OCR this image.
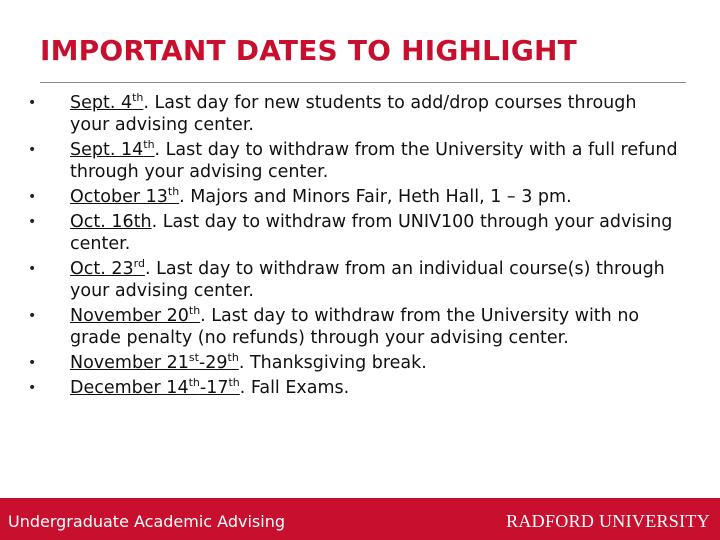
IMPORTANT DATES TO HIGHLIGHT
• Sept. 4th. Last day for new students to add/drop courses through your advising center.
• Sept. 14th. Last day to withdraw from the University with a full refund through your advising center.
• October 13th. Majors and Minors Fair, Heth Hall, 1 – 3 pm.
• Oct. 16th. Last day to withdraw from UNIV100 through your advising center.
• Oct. 23rd. Last day to withdraw from an individual course(s) through your advising center.
• November 20th. Last day to withdraw from the University with no grade penalty (no refunds) through your advising center.
• November 21st-29th. Thanksgiving break.
• December 14th-17th. Fall Exams.
Undergraduate Academic Advising	RADFORD UNIVERSITY
